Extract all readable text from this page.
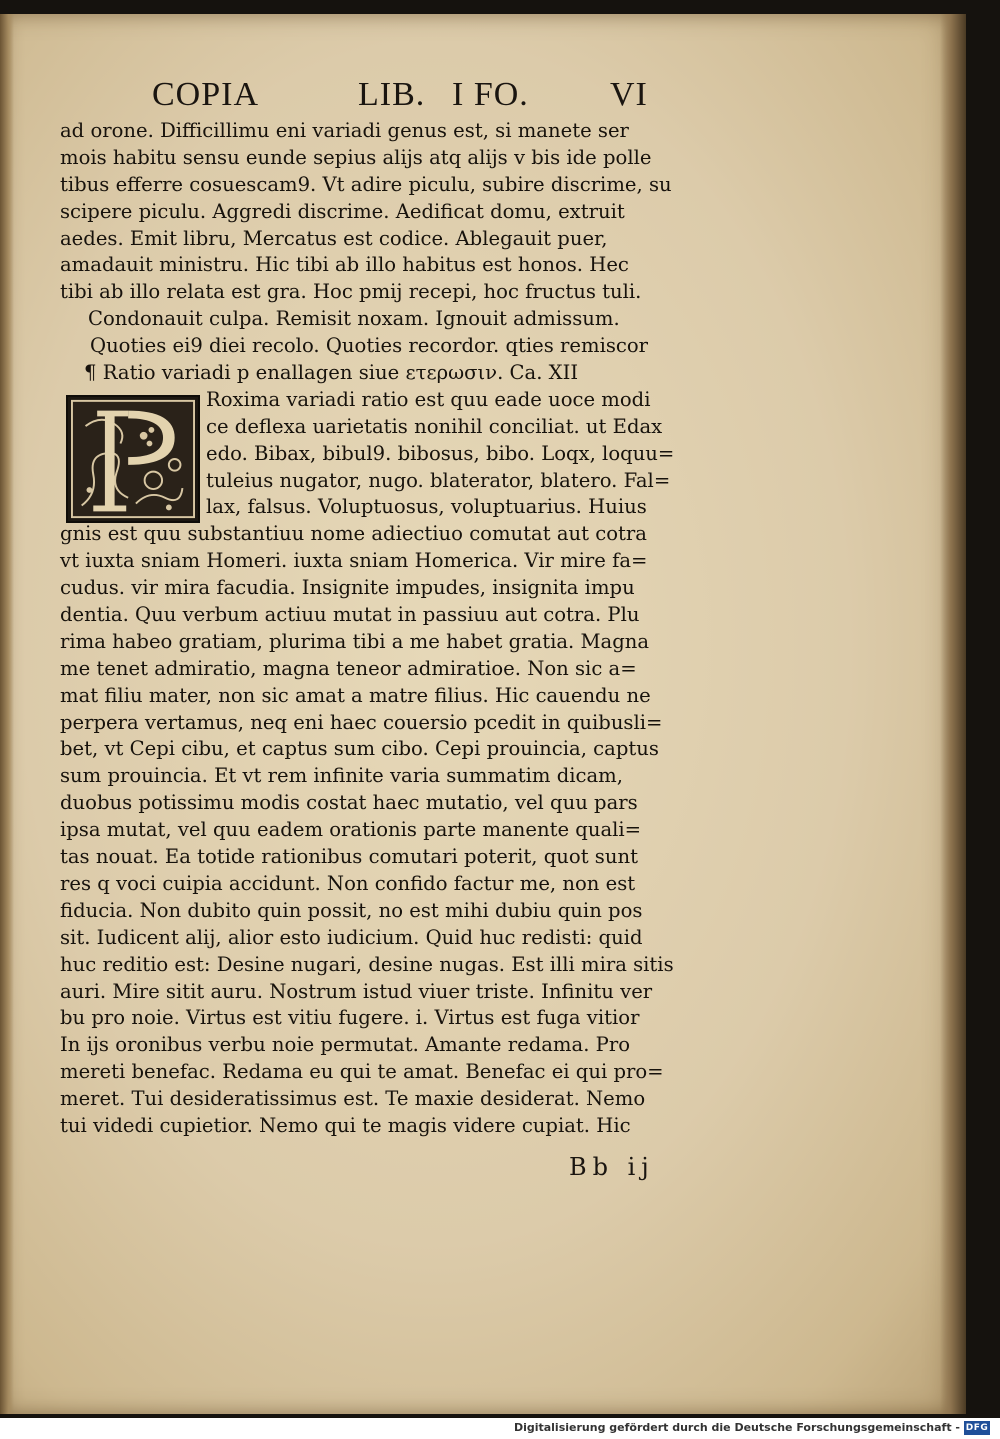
COPIA	LIB. I FO. VI
ad orone. Difficillimu eni variadi genus est, si manete ser
mois habitu sensu eunde sepius alijs atq alijs v bis ide polle
tibus efferre cosuescam9. Vt adire piculu, subire discrime, su
scipere piculu. Aggredi discrime. Aedificat domu, extruit
aedes. Emit libru, Mercatus est codice. Ablegauit puer,
amadauit ministru. Hic tibi ab illo habitus est honos. Hec
tibi ab illo relata est gra. Hoc pmij recepi, hoc fructus tuli.
Condonauit culpa. Remisit noxam. Ignouit admissum.
Quoties ei9 diei recolo. Quoties recordor. qties remiscor
¶ Ratio variadi p enallagen siue ετερωσιν. Ca. XII
Roxima variadi ratio est quu eade uoce modi
ce deflexa uarietatis nonihil conciliat. ut Edax
edo. Bibax, bibul9. bibosus, bibo. Loqx, loquu=
tuleius nugator, nugo. blaterator, blatero. Fal=
lax, falsus. Voluptuosus, voluptuarius. Huius
gnis est quu substantiuu nome adiectiuo comutat aut cotra
vt iuxta sniam Homeri. iuxta sniam Homerica. Vir mire fa=
cudus. vir mira facudia. Insignite impudes, insignita impu
dentia. Quu verbum actiuu mutat in passiuu aut cotra. Plu
rima habeo gratiam, plurima tibi a me habet gratia. Magna
me tenet admiratio, magna teneor admiratioe. Non sic a=
mat filiu mater, non sic amat a matre filius. Hic cauendu ne
perpera vertamus, neq eni haec couersio pcedit in quibusli=
bet, vt Cepi cibu, et captus sum cibo. Cepi prouincia, captus
sum prouincia. Et vt rem infinite varia summatim dicam,
duobus potissimu modis costat haec mutatio, vel quu pars
ipsa mutat, vel quu eadem orationis parte manente quali=
tas nouat. Ea totide rationibus comutari poterit, quot sunt
res q voci cuipia accidunt. Non confido factur me, non est
fiducia. Non dubito quin possit, no est mihi dubiu quin pos
sit. Iudicent alij, alior esto iudicium. Quid huc redisti: quid
huc reditio est: Desine nugari, desine nugas. Est illi mira sitis
auri. Mire sitit auru. Nostrum istud viuer triste. Infinitu ver
bu pro noie. Virtus est vitiu fugere. i. Virtus est fuga vitior
In ijs oronibus verbu noie permutat. Amante redama. Pro
mereti benefac. Redama eu qui te amat. Benefac ei qui pro=
meret. Tui desideratissimus est. Te maxie desiderat. Nemo
tui videdi cupietior. Nemo qui te magis videre cupiat. Hic
Bb ij
Digitalisierung gefördert durch die Deutsche Forschungsgemeinschaft - DFG
